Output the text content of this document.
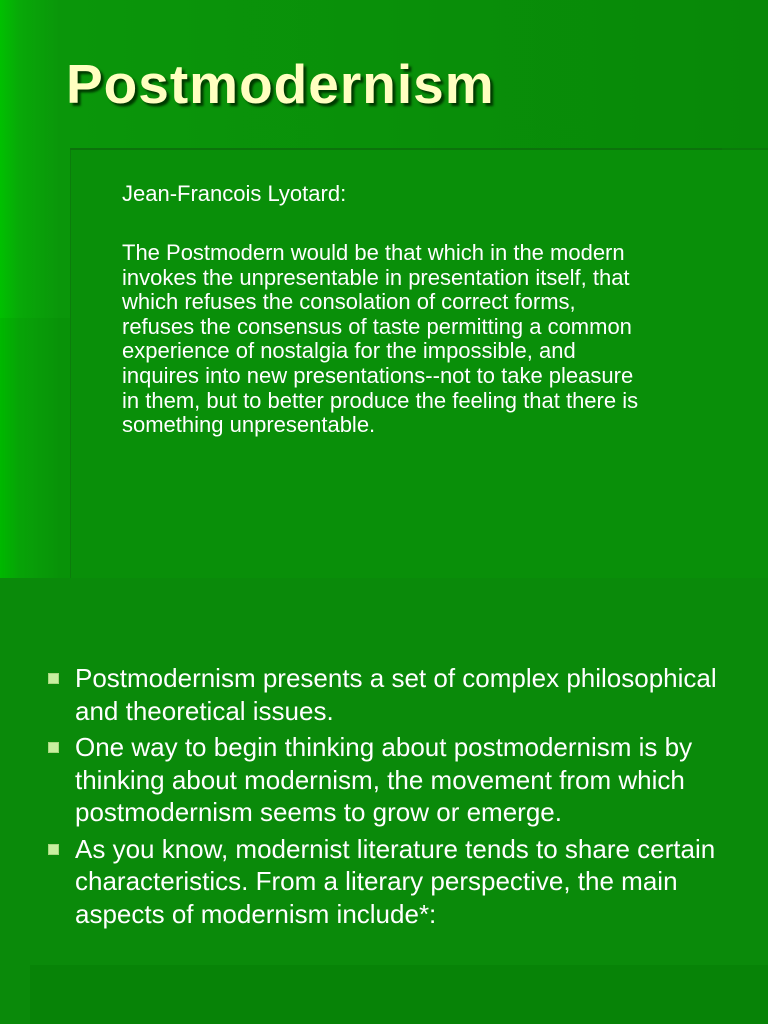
Postmodernism

Jean-Francois Lyotard:

The Postmodern would be that which in the modern invokes the unpresentable in presentation itself, that which refuses the consolation of correct forms, refuses the consensus of taste permitting a common experience of nostalgia for the impossible, and inquires into new presentations--not to take pleasure in them, but to better produce the feeling that there is something unpresentable.

Postmodernism presents a set of complex philosophical and theoretical issues.
One way to begin thinking about postmodernism is by thinking about modernism, the movement from which postmodernism seems to grow or emerge.
As you know, modernist literature tends to share certain characteristics. From a literary perspective, the main aspects of modernism include*:
